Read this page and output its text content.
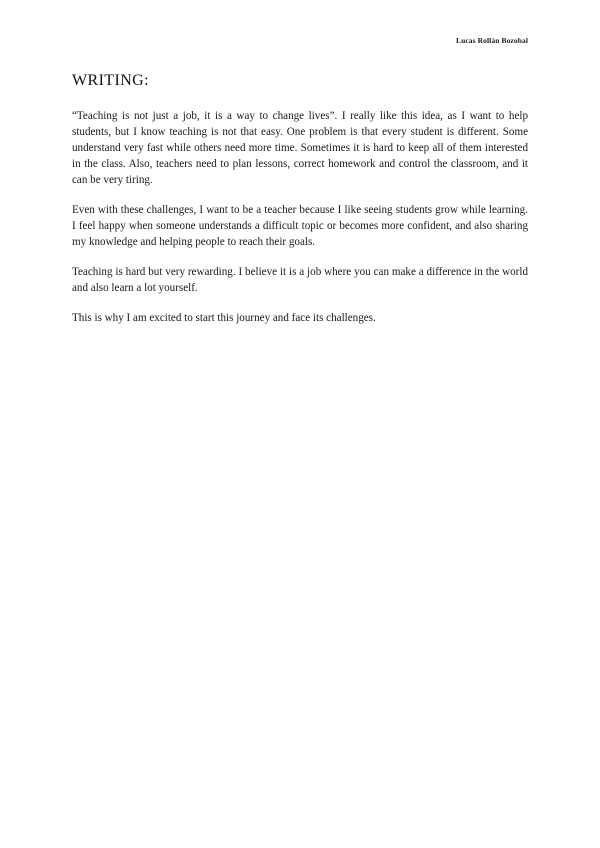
Lucas Rollán Bozobal
WRITING:

“Teaching is not just a job, it is a way to change lives”. I really like this idea, as I want to help students, but I know teaching is not that easy. One problem is that every student is different. Some understand very fast while others need more time. Sometimes it is hard to keep all of them interested in the class. Also, teachers need to plan lessons, correct homework and control the classroom, and it can be very tiring.

Even with these challenges, I want to be a teacher because I like seeing students grow while learning. I feel happy when someone understands a difficult topic or becomes more confident, and also sharing my knowledge and helping people to reach their goals.

Teaching is hard but very rewarding. I believe it is a job where you can make a difference in the world and also learn a lot yourself.

This is why I am excited to start this journey and face its challenges.
